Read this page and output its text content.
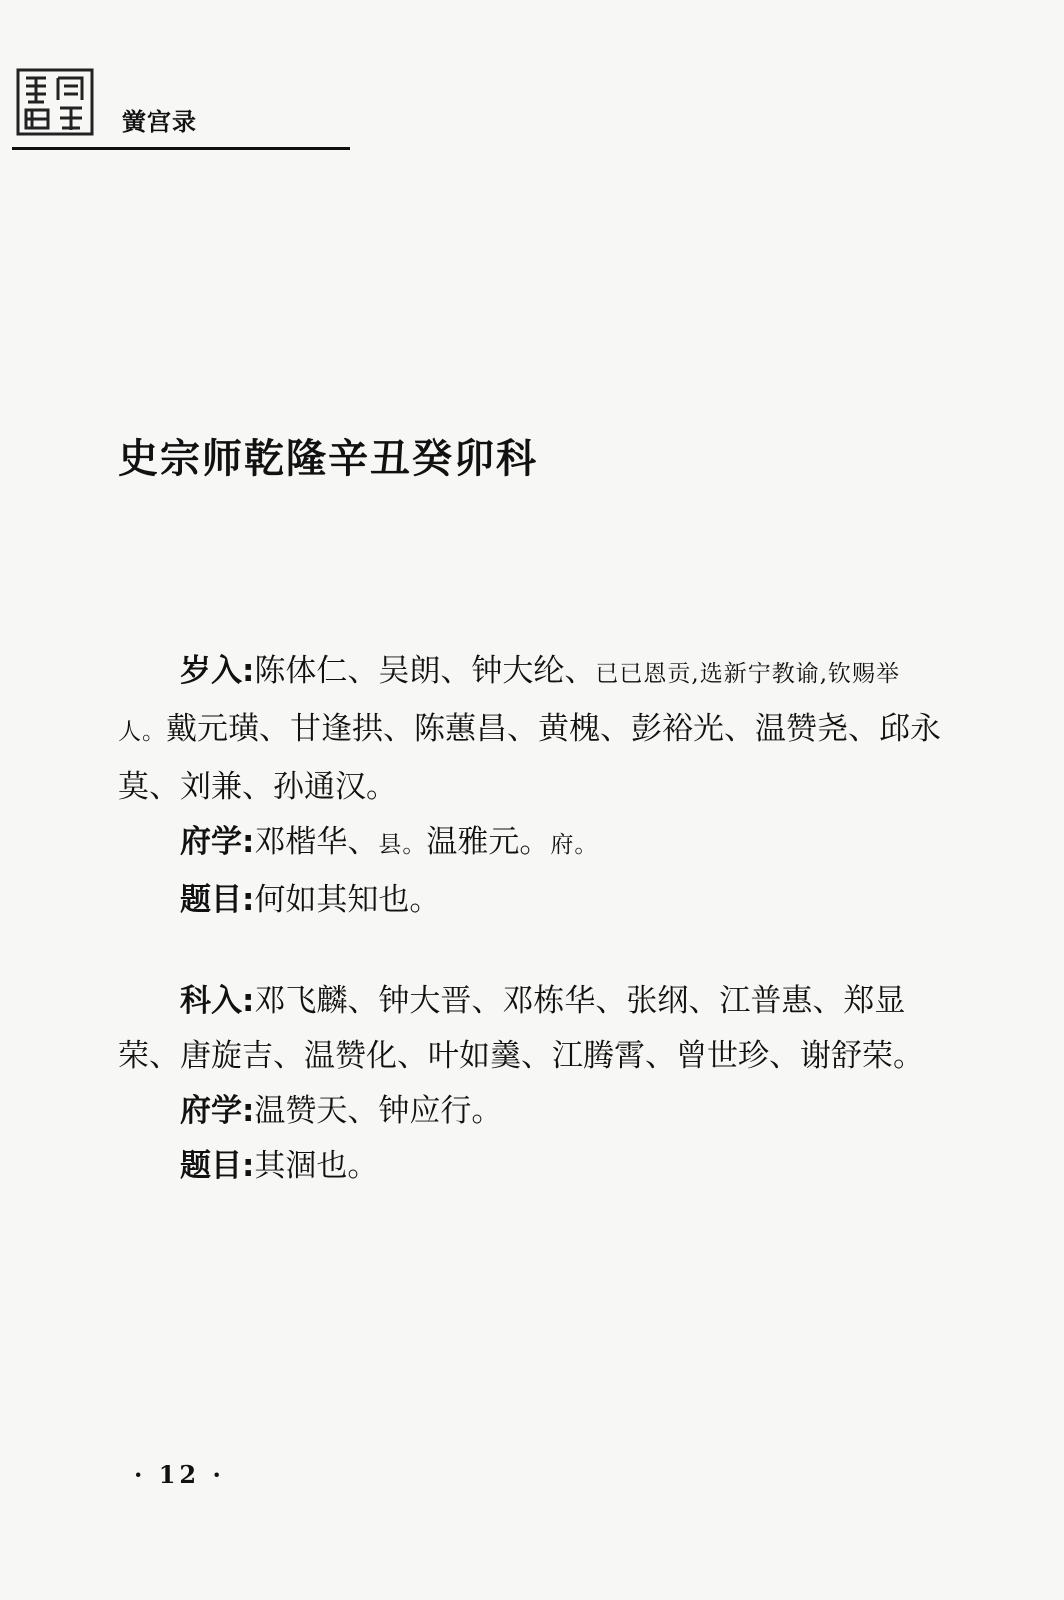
黉宫录
史宗师乾隆辛丑癸卯科

岁入:陈体仁、吴朗、钟大纶、已已恩贡,选新宁教谕,钦赐举人。戴元璜、甘逢拱、陈蕙昌、黄槐、彭裕光、温赞尧、邱永莫、刘兼、孙通汉。

府学:邓楷华、县。温雅元。府。

题目:何如其知也。

科入:邓飞麟、钟大晋、邓栋华、张纲、江普惠、郑显荣、唐旋吉、温赞化、叶如羹、江腾霄、曾世珍、谢舒荣。

府学:温赞天、钟应行。

题目:其涸也。

· 12 ·
